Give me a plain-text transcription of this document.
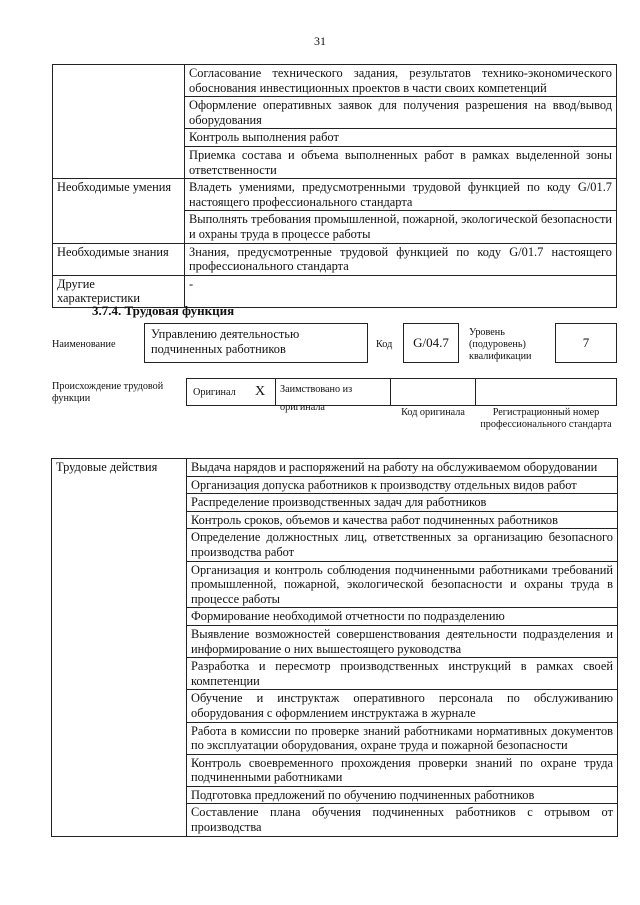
31
	Согласование технического задания, результатов технико-экономического обоснования инвестиционных проектов в части своих компетенций
	Оформление оперативных заявок для получения разрешения на ввод/вывод оборудования
	Контроль выполнения работ
	Приемка состава и объема выполненных работ в рамках выделенной зоны ответственности
Необходимые умения	Владеть умениями, предусмотренными трудовой функцией по коду G/01.7 настоящего профессионального стандарта
	Выполнять требования промышленной, пожарной, экологической безопасности и охраны труда в процессе работы
Необходимые знания	Знания, предусмотренные трудовой функцией по коду G/01.7 настоящего профессионального стандарта
Другие характеристики	-
3.7.4. Трудовая функция
Наименование
Управлению деятельностью подчиненных работников	Код	G/04.7
Уровень (подуровень) квалификации
7
Происхождение трудовой функции
Оригинал X	Заимствовано из оригинала	Код оригинала	Регистрационный номер профессионального стандарта
Трудовые действия	Выдача нарядов и распоряжений на работу на обслуживаемом оборудовании
Организация допуска работников к производству отдельных видов работ
Распределение производственных задач для работников
Контроль сроков, объемов и качества работ подчиненных работников
Определение должностных лиц, ответственных за организацию безопасного производства работ
Организация и контроль соблюдения подчиненными работниками требований промышленной, пожарной, экологической безопасности и охраны труда в процессе работы
Формирование необходимой отчетности по подразделению
Выявление возможностей совершенствования деятельности подразделения и информирование о них вышестоящего руководства
Разработка и пересмотр производственных инструкций в рамках своей компетенции
Обучение и инструктаж оперативного персонала по обслуживанию оборудования с оформлением инструктажа в журнале
Работа в комиссии по проверке знаний работниками нормативных документов по эксплуатации оборудования, охране труда и пожарной безопасности
Контроль своевременного прохождения проверки знаний по охране труда подчиненными работниками
Подготовка предложений по обучению подчиненных работников
Составление плана обучения подчиненных работников с отрывом от производства
